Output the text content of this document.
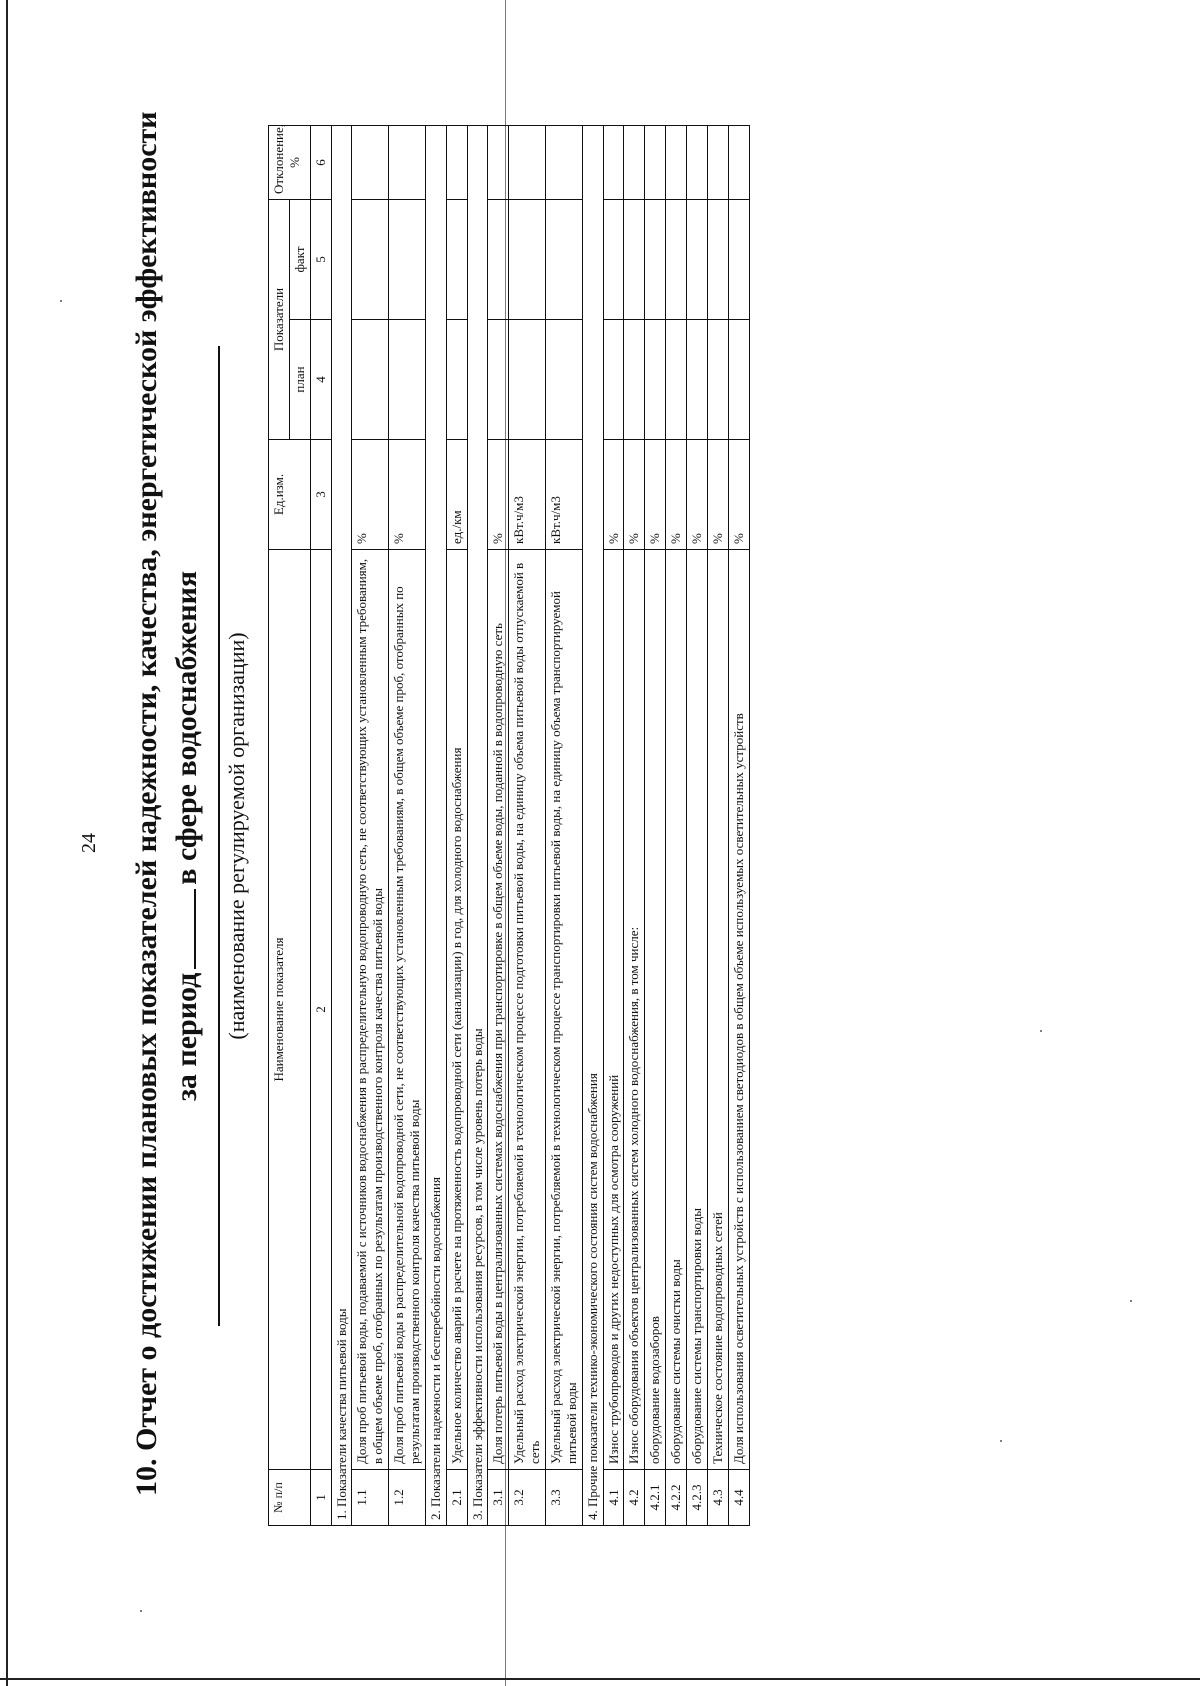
24 10. Отчет о достижении плановых показателей надежности, качества, энергетической эффективности за периодв сфере водоснабжения (наименование регулируемой организации)
№ п/п	Наименование показателя	Ед.изм.	Показатели		Отклонение, %
			план	факт	
1	2	3	4	5	6
1. Показатели качества питьевой воды					
1.1	Доля проб питьевой воды, подаваемой с источников водоснабжения в распределительную водопроводную сеть, не соответствующих установленным требованиям, в общем объеме проб, отобранных по результатам производственного контроля качества питьевой воды	%			
1.2	Доля проб питьевой воды в распределительной водопроводной сети, не соответствующих установленным требованиям, в общем объеме проб, отобранных по результатам производственного контроля качества питьевой воды	%			
2. Показатели надежности и бесперебойности водоснабжения					
2.1	Удельное количество аварий в расчете на протяженность водопроводной сети (канализации) в год, для холодного водоснабжения	ед./км			
3. Показатели эффективности использования ресурсов, в том числе уровень потерь воды					
3.1	Доля потерь питьевой воды в централизованных системах водоснабжения при транспортировке в общем объеме воды, поданной в водопроводную сеть	%			
3.2	Удельный расход электрической энергии, потребляемой в технологическом процессе подготовки питьевой воды, на единицу объема питьевой воды отпускаемой в сеть	кВт.ч/м3			
3.3	Удельный расход электрической энергии, потребляемой в технологическом процессе транспортировки питьевой воды, на единицу объема транспортируемой питьевой воды	кВт.ч/м3			
4. Прочие показатели технико-экономического состояния систем водоснабжения					
4.1	Износ трубопроводов и других недоступных для осмотра сооружений	%			
4.2	Износ оборудования объектов централизованных систем холодного водоснабжения, в том числе:	%			
4.2.1	оборудование водозаборов	%			
4.2.2	оборудование системы очистки воды	%			
4.2.3	оборудование системы транспортировки воды	%			
4.3	Техническое состояние водопроводных сетей	%			
4.4	Доля использования осветительных устройств с использованием светодиодов в общем объеме используемых осветительных устройств	%			
